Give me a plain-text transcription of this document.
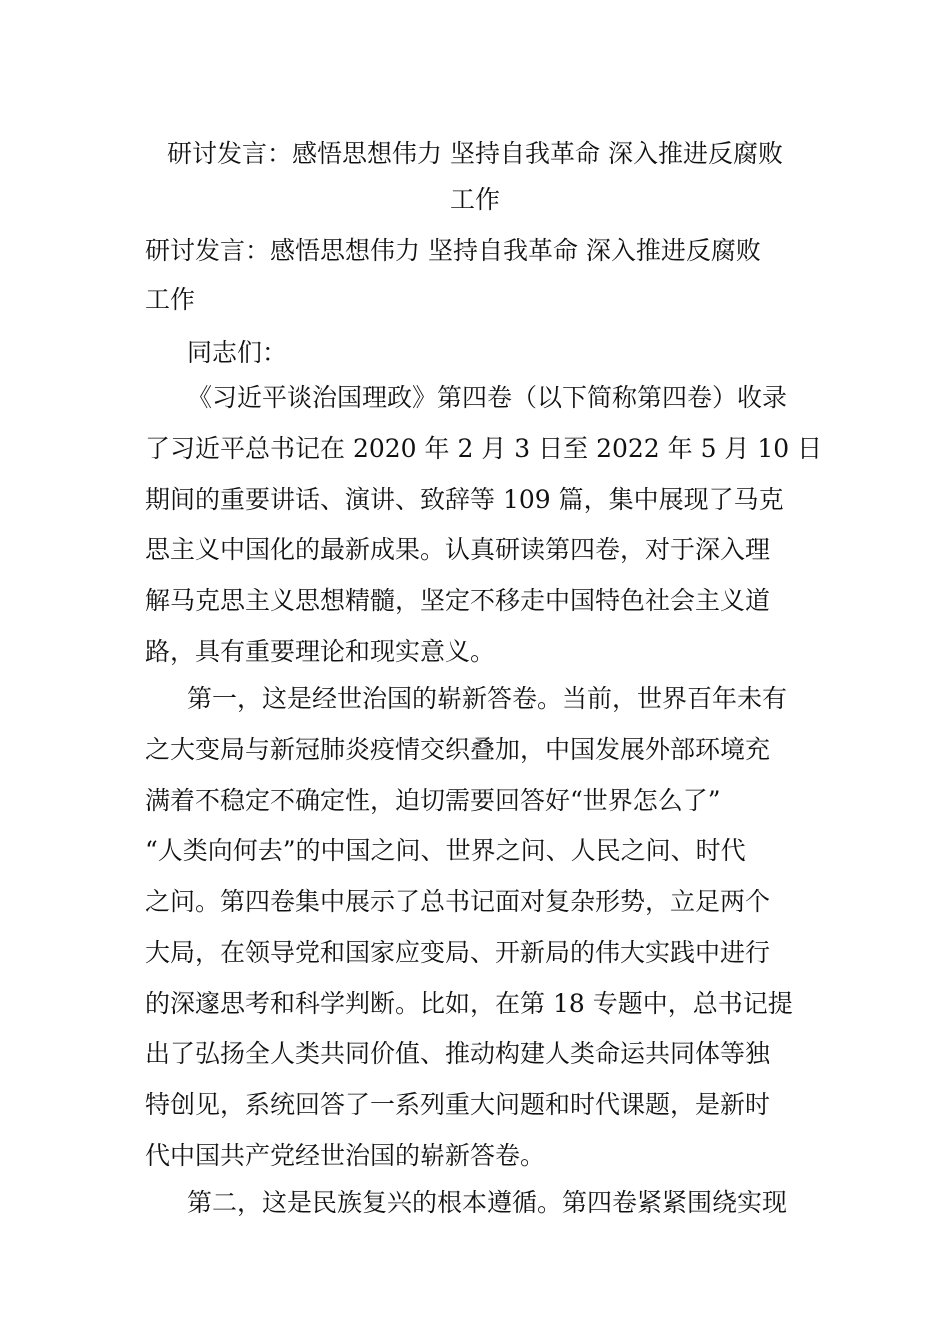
研讨发言：感悟思想伟力 坚持自我革命 深入推进反腐败
工作
研讨发言：感悟思想伟力 坚持自我革命 深入推进反腐败
工作
同志们：
《习近平谈治国理政》第四卷（以下简称第四卷）收录
了习近平总书记在 2020 年 2 月 3 日至 2022 年 5 月 10 日
期间的重要讲话、演讲、致辞等 109 篇，集中展现了马克
思主义中国化的最新成果。认真研读第四卷，对于深入理
解马克思主义思想精髓，坚定不移走中国特色社会主义道
路，具有重要理论和现实意义。
第一，这是经世治国的崭新答卷。当前，世界百年未有
之大变局与新冠肺炎疫情交织叠加，中国发展外部环境充
满着不稳定不确定性，迫切需要回答好“世界怎么了”
“人类向何去”的中国之问、世界之问、人民之问、时代
之问。第四卷集中展示了总书记面对复杂形势，立足两个
大局，在领导党和国家应变局、开新局的伟大实践中进行
的深邃思考和科学判断。比如，在第 18 专题中，总书记提
出了弘扬全人类共同价值、推动构建人类命运共同体等独
特创见，系统回答了一系列重大问题和时代课题，是新时
代中国共产党经世治国的崭新答卷。
第二，这是民族复兴的根本遵循。第四卷紧紧围绕实现
